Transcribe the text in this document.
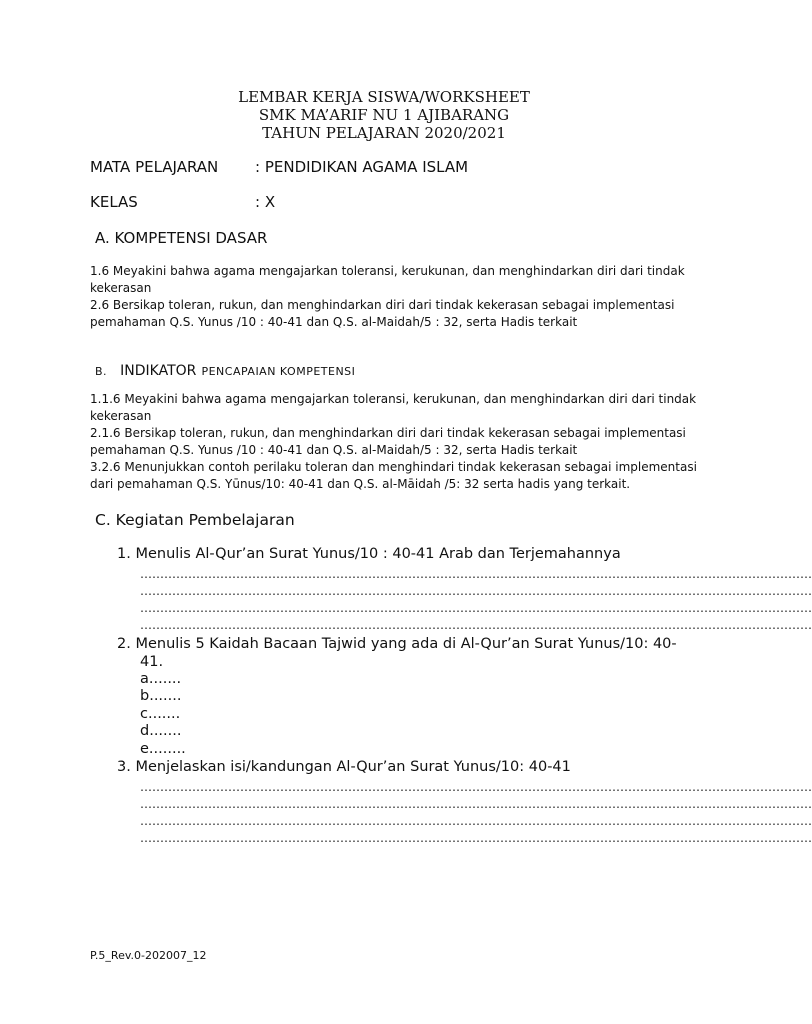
LEMBAR KERJA SISWA/WORKSHEET
SMK MA’ARIF NU 1 AJIBARANG
TAHUN PELAJARAN 2020/2021
MATA PELAJARAN : PENDIDIKAN AGAMA ISLAM
KELAS	: X
A. KOMPETENSI DASAR
1.6 Meyakini bahwa agama mengajarkan toleransi, kerukunan, dan menghindarkan diri dari tindak
kekerasan
2.6 Bersikap toleran, rukun, dan menghindarkan diri dari tindak kekerasan sebagai implementasi
pemahaman Q.S. Yunus /10 : 40-41 dan Q.S. al-Maidah/5 : 32, serta Hadis terkait
B. INDIKATOR PENCAPAIAN KOMPETENSI
1.1.6 Meyakini bahwa agama mengajarkan toleransi, kerukunan, dan menghindarkan diri dari tindak
kekerasan
2.1.6 Bersikap toleran, rukun, dan menghindarkan diri dari tindak kekerasan sebagai implementasi
pemahaman Q.S. Yunus /10 : 40-41 dan Q.S. al-Maidah/5 : 32, serta Hadis terkait
3.2.6 Menunjukkan contoh perilaku toleran dan menghindari tindak kekerasan sebagai implementasi
dari pemahaman Q.S. Yūnus/10: 40-41 dan Q.S. al-Māidah /5: 32 serta hadis yang terkait.
C. Kegiatan Pembelajaran
1. Menulis Al-Qur’an Surat Yunus/10 : 40-41 Arab dan Terjemahannya
……………………………………………………………………………………………………………………………………………………
……………………………………………………………………………………………………………………………………………………
……………………………………………………………………………………………………………………………………………………
……………………………………………………………………………………………………………………………………………………
2. Menulis 5 Kaidah Bacaan Tajwid yang ada di Al-Qur’an Surat Yunus/10: 40-
41.
a.......
b.......
c.......
d.......
e........
3. Menjelaskan isi/kandungan Al-Qur’an Surat Yunus/10: 40-41
……………………………………………………………………………………………………………………………………………………
……………………………………………………………………………………………………………………………………………………
……………………………………………………………………………………………………………………………………………………
……………………………………………………………………………………………………………………………………………………
P.5_Rev.0-202007_12
